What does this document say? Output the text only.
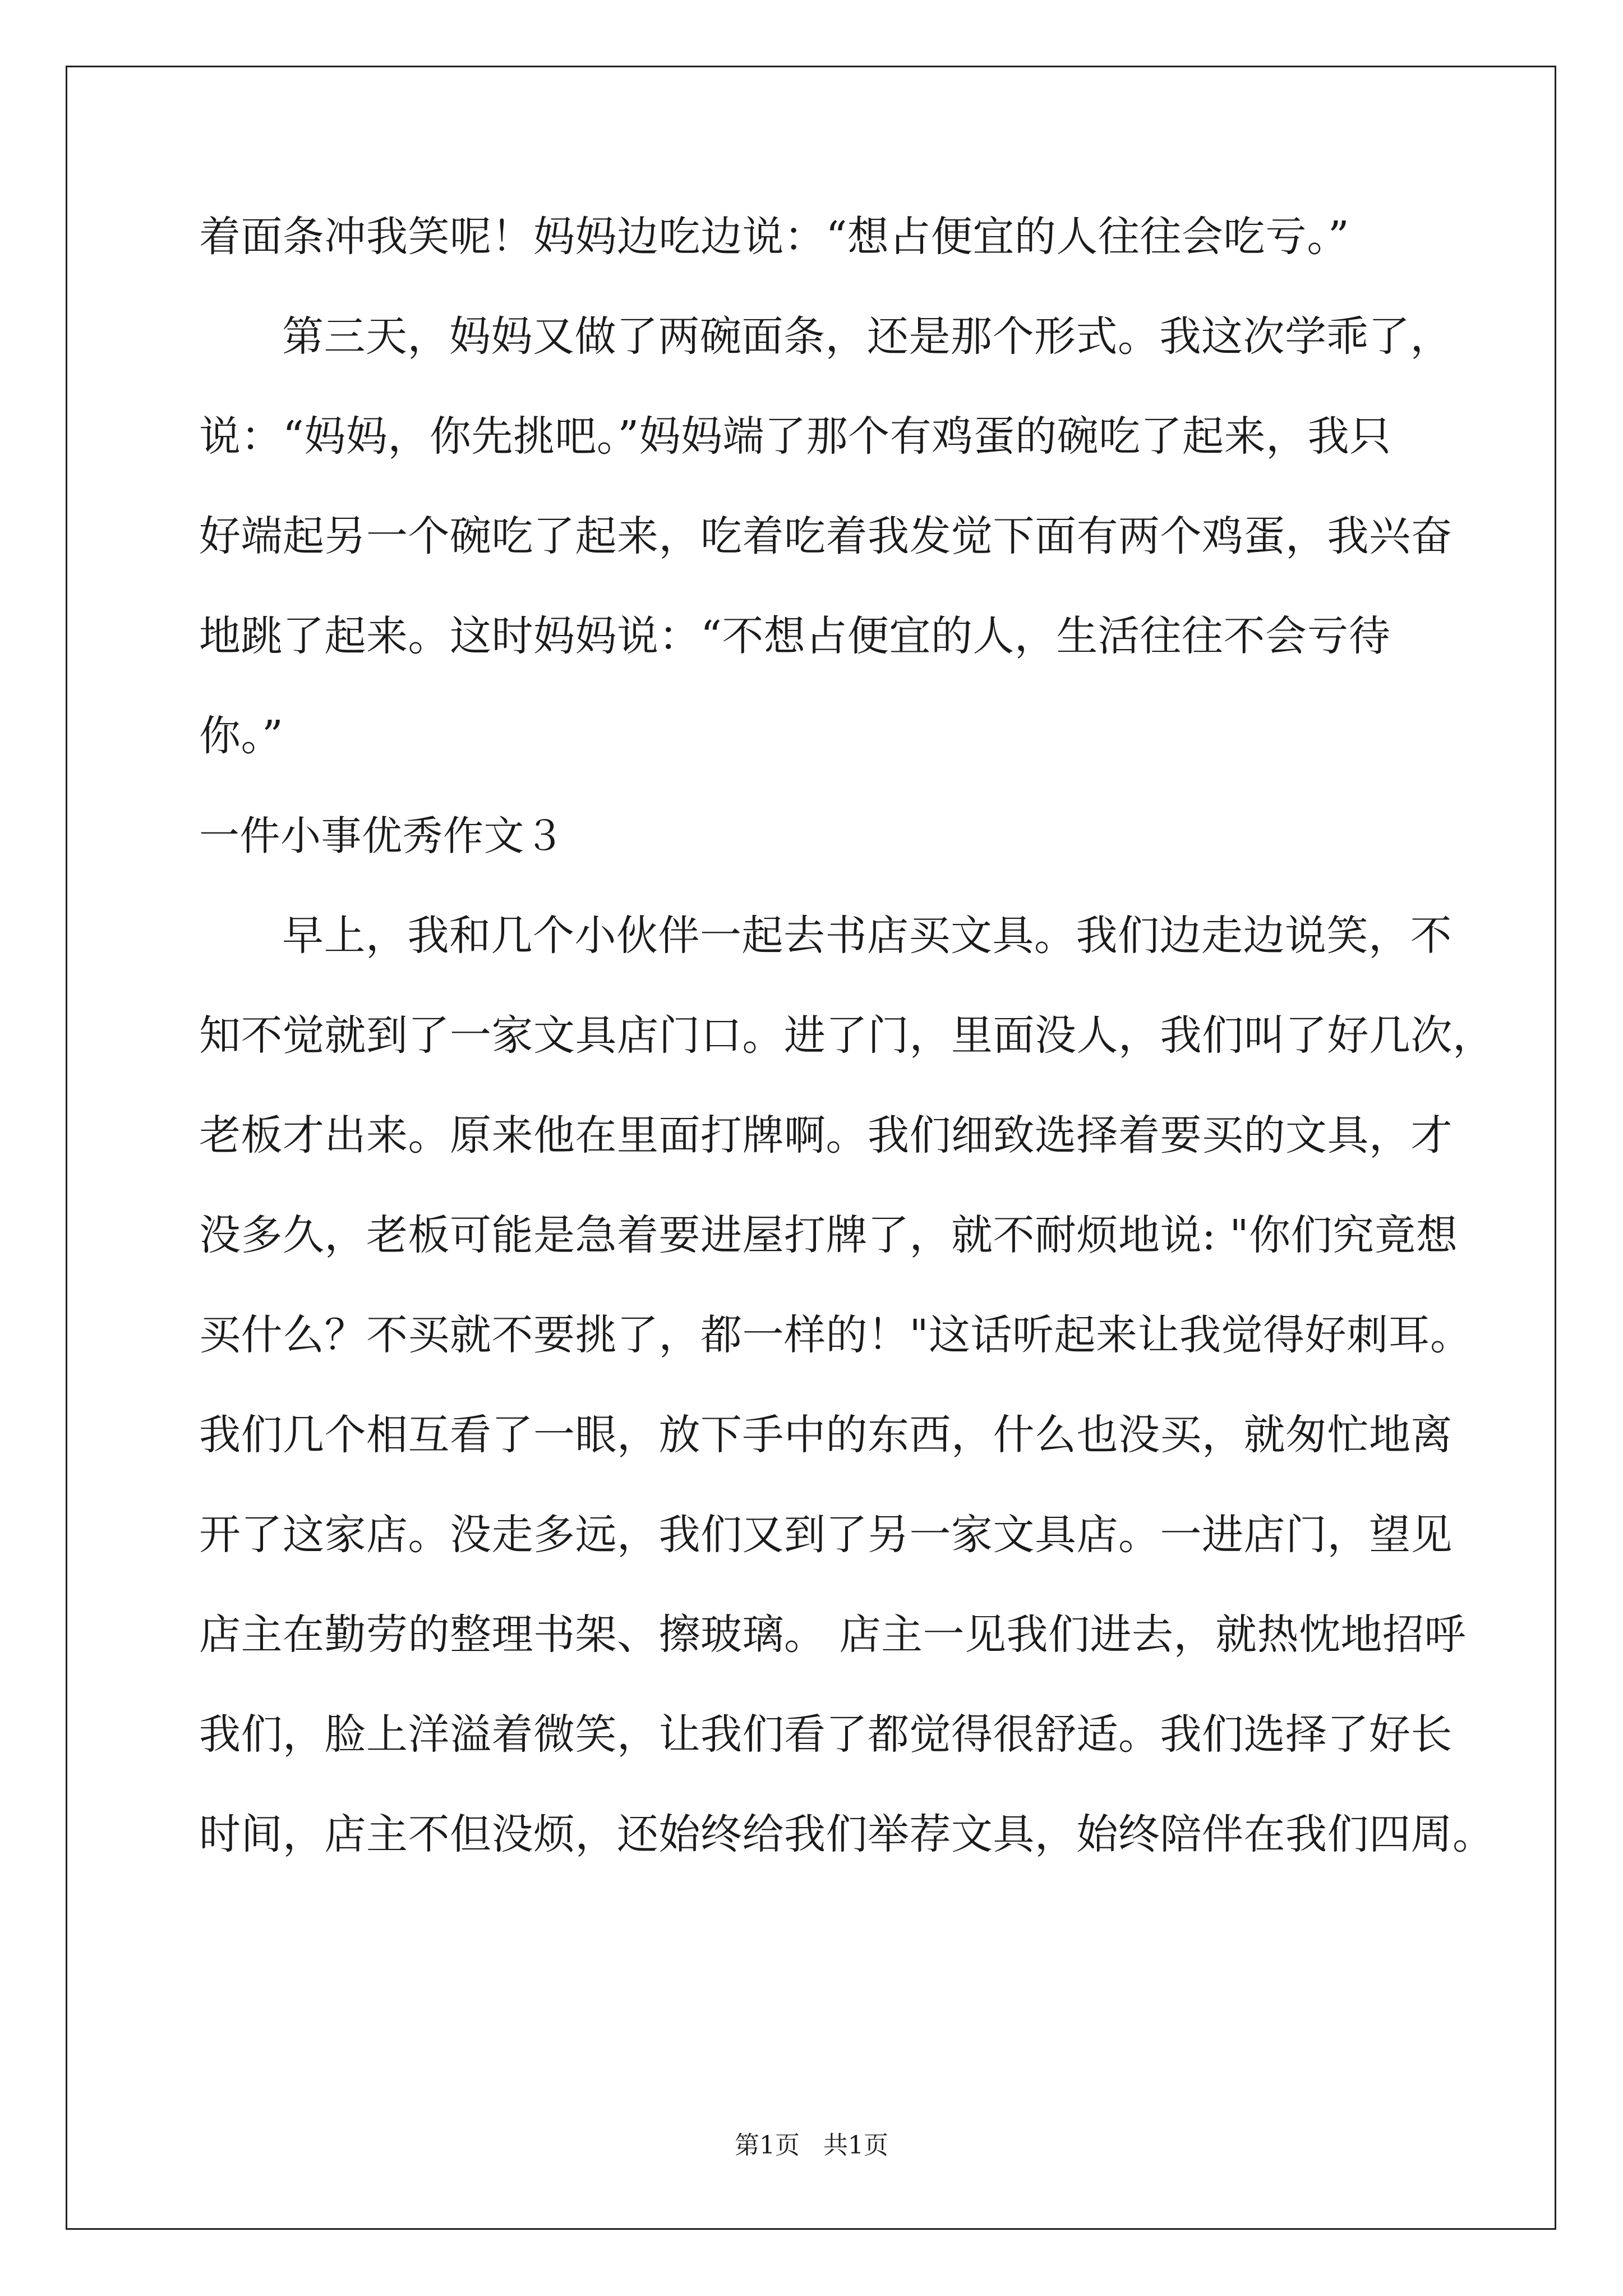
着面条冲我笑呢！妈妈边吃边说：“想占便宜的人往往会吃亏。”
第三天，妈妈又做了两碗面条，还是那个形式。我这次学乖了，
说：“妈妈，你先挑吧。”妈妈端了那个有鸡蛋的碗吃了起来，我只
好端起另一个碗吃了起来，吃着吃着我发觉下面有两个鸡蛋，我兴奋
地跳了起来。这时妈妈说：“不想占便宜的人，生活往往不会亏待
你。”
一件小事优秀作文３
早上，我和几个小伙伴一起去书店买文具。我们边走边说笑，不
知不觉就到了一家文具店门口。进了门，里面没人，我们叫了好几次，
老板才出来。原来他在里面打牌啊。我们细致选择着要买的文具，才
没多久，老板可能是急着要进屋打牌了，就不耐烦地说: "你们究竟想
买什么？不买就不要挑了，都一样的！"这话听起来让我觉得好刺耳。
我们几个相互看了一眼，放下手中的东西，什么也没买，就匆忙地离
开了这家店。没走多远，我们又到了另一家文具店。一进店门，望见
店主在勤劳的整理书架、擦玻璃。 店主一见我们进去，就热忱地招呼
我们，脸上洋溢着微笑，让我们看了都觉得很舒适。我们选择了好长
时间，店主不但没烦，还始终给我们举荐文具，始终陪伴在我们四周。
第1页   共1页
